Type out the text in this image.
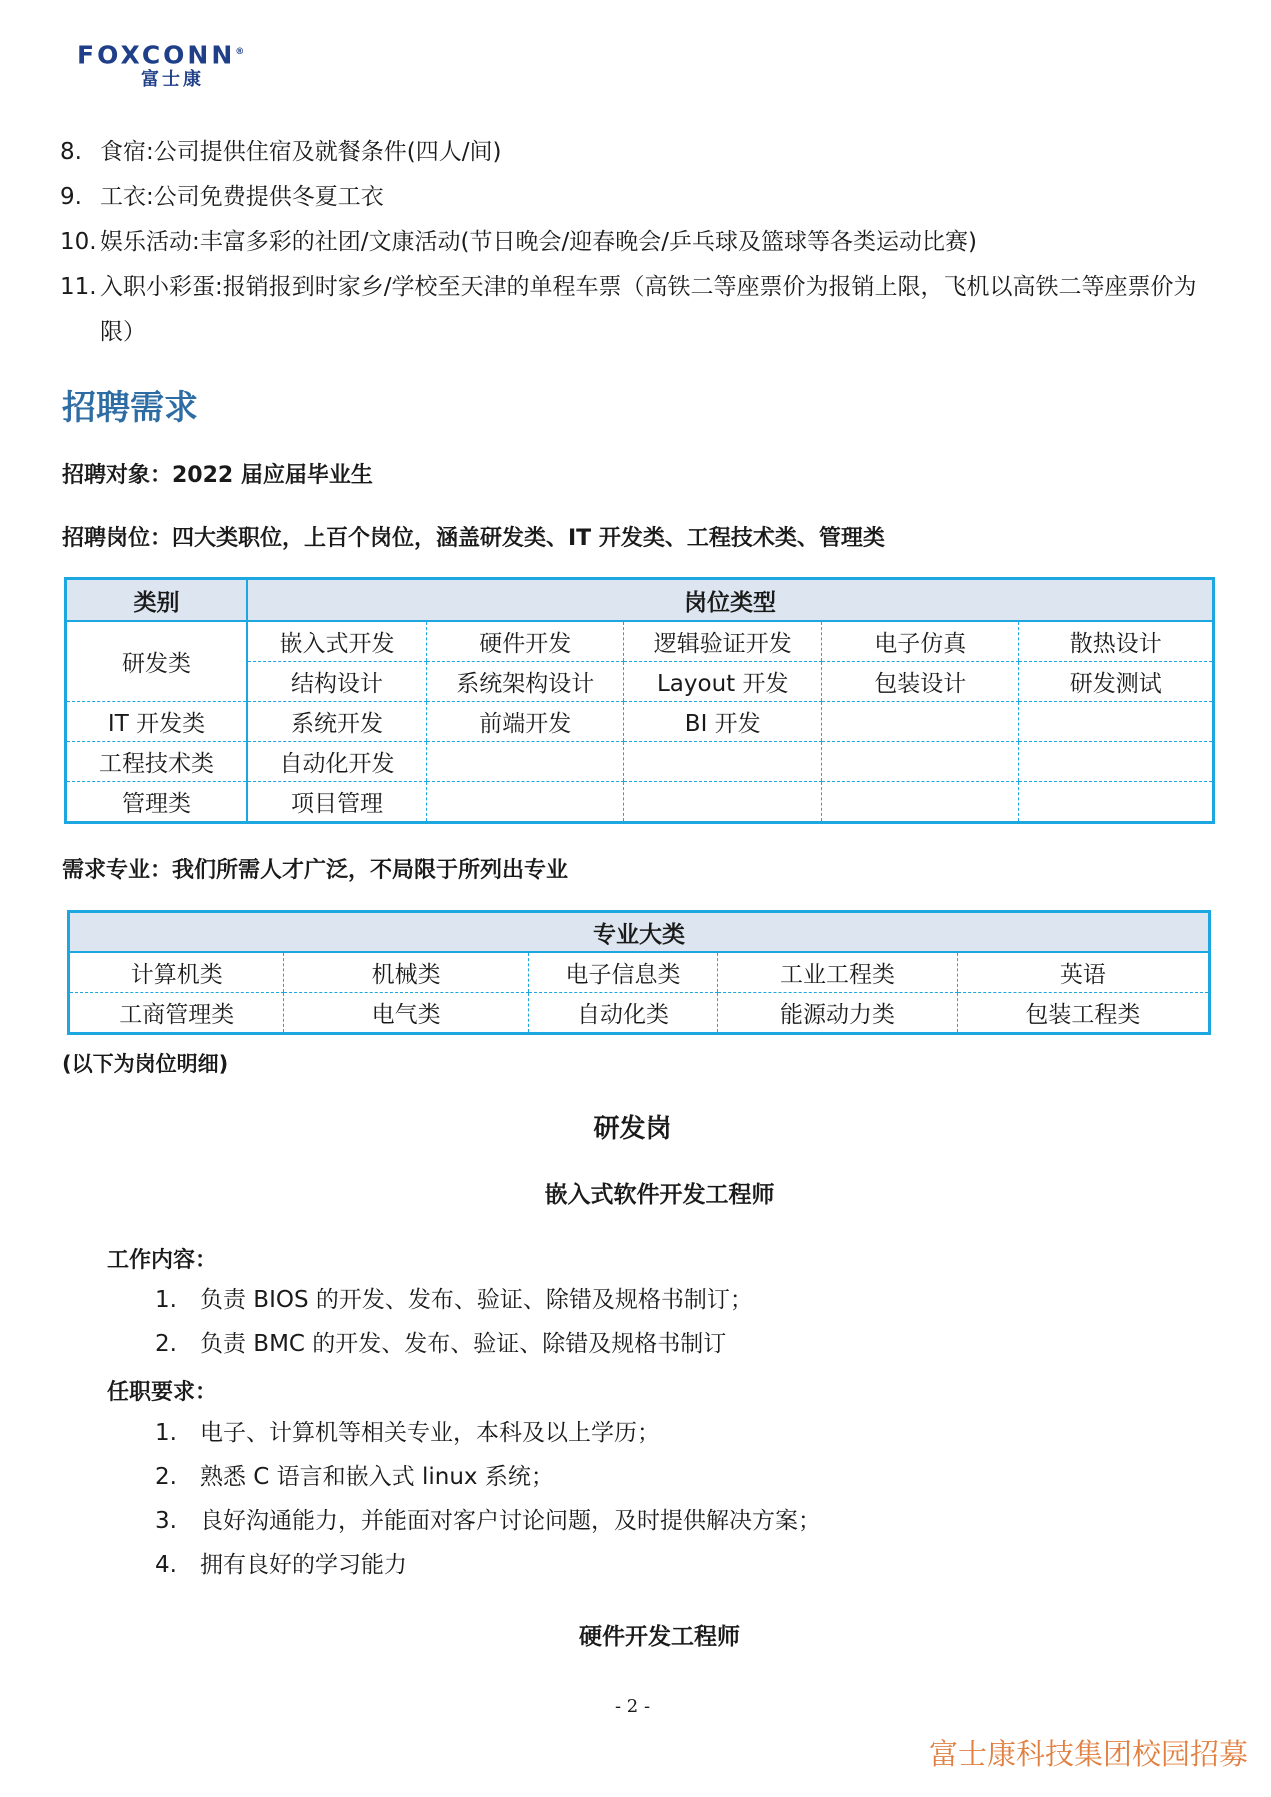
FOXCONN®
富士康
8. 食宿:公司提供住宿及就餐条件(四人/间)
9. 工衣:公司免费提供冬夏工衣
10. 娱乐活动:丰富多彩的社团/文康活动(节日晚会/迎春晚会/乒乓球及篮球等各类运动比赛)
11. 入职小彩蛋:报销报到时家乡/学校至天津的单程车票（高铁二等座票价为报销上限，飞机以高铁二等座票价为限）
招聘需求
招聘对象：2022 届应届毕业生
招聘岗位：四大类职位，上百个岗位，涵盖研发类、IT 开发类、工程技术类、管理类
类别	岗位类型				
研发类	嵌入式开发	硬件开发	逻辑验证开发	电子仿真	散热设计
	结构设计	系统架构设计	Layout 开发	包装设计	研发测试
IT 开发类	系统开发	前端开发	BI 开发		
工程技术类	自动化开发				
管理类	项目管理				
需求专业：我们所需人才广泛，不局限于所列出专业
专业大类				
计算机类	机械类	电子信息类	工业工程类	英语
工商管理类	电气类	自动化类	能源动力类	包装工程类
(以下为岗位明细)
研发岗
嵌入式软件开发工程师
工作内容：
1.	负责 BIOS 的开发、发布、验证、除错及规格书制订；
2.	负责 BMC 的开发、发布、验证、除错及规格书制订
任职要求：
1.	电子、计算机等相关专业，本科及以上学历；
2.	熟悉 C 语言和嵌入式 linux 系统；
3.	良好沟通能力，并能面对客户讨论问题，及时提供解决方案；
4.	拥有良好的学习能力
硬件开发工程师
- 2 -
富士康科技集团校园招募
